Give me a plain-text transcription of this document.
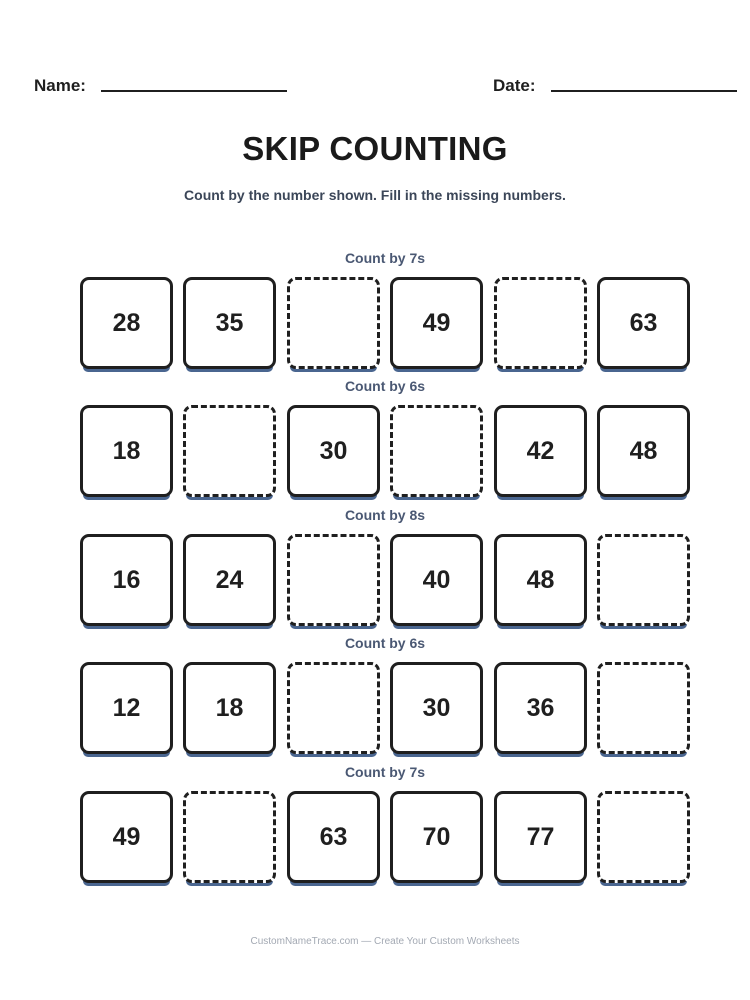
Name:	Date:
SKIP COUNTING
Count by the number shown. Fill in the missing numbers.
Count by 7s
28	35	49	63
Count by 6s
18	30	42	48
Count by 8s
16	24	40	48
Count by 6s
12	18	30	36
Count by 7s
49	63	70	77
CustomNameTrace.com — Create Your Custom Worksheets
